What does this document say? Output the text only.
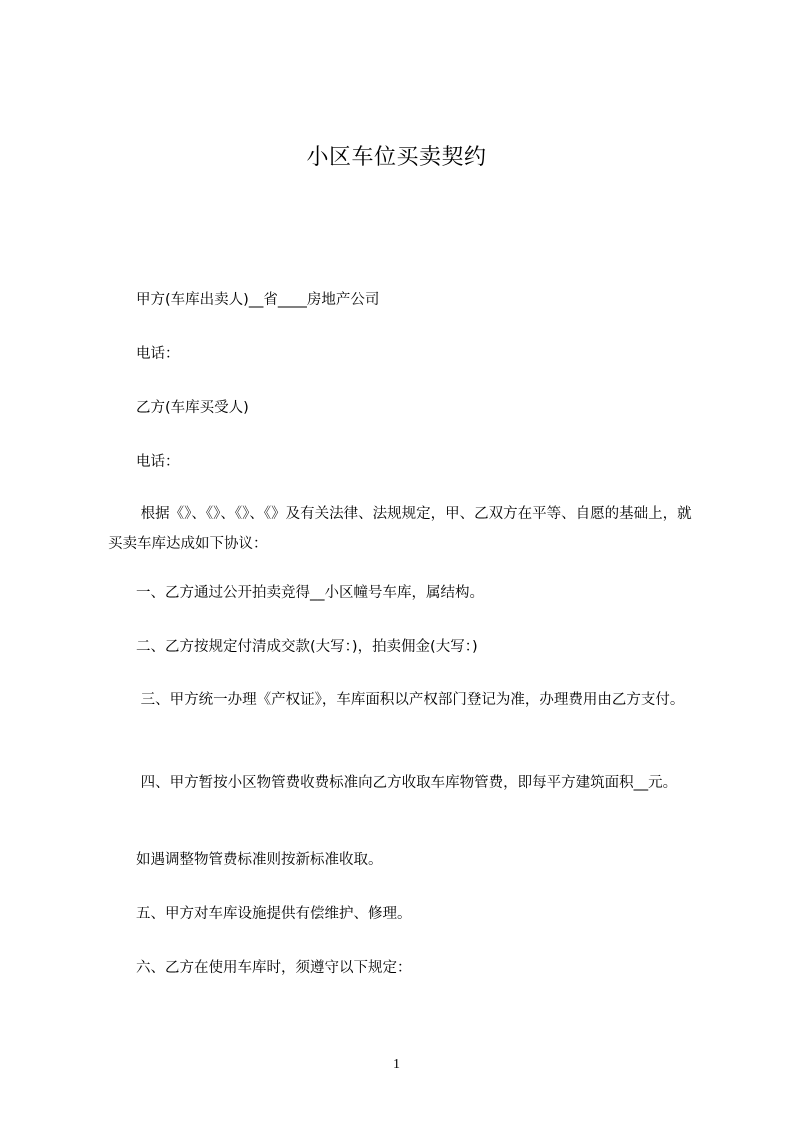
小区车位买卖契约
甲方(车库出卖人)__省____房地产公司
电话：
乙方(车库买受人)
电话：
根据《》、《》、《》、《》及有关法律、法规规定，甲、乙双方在平等、自愿的基础上，就买卖车库达成如下协议：
一、乙方通过公开拍卖竞得__小区幢号车库，属结构。
二、乙方按规定付清成交款(大写：)，拍卖佣金(大写：)
三、甲方统一办理《产权证》，车库面积以产权部门登记为准，办理费用由乙方支付。
四、甲方暂按小区物管费收费标准向乙方收取车库物管费，即每平方建筑面积__元。
如遇调整物管费标准则按新标准收取。
五、甲方对车库设施提供有偿维护、修理。
六、乙方在使用车库时，须遵守以下规定：
1
